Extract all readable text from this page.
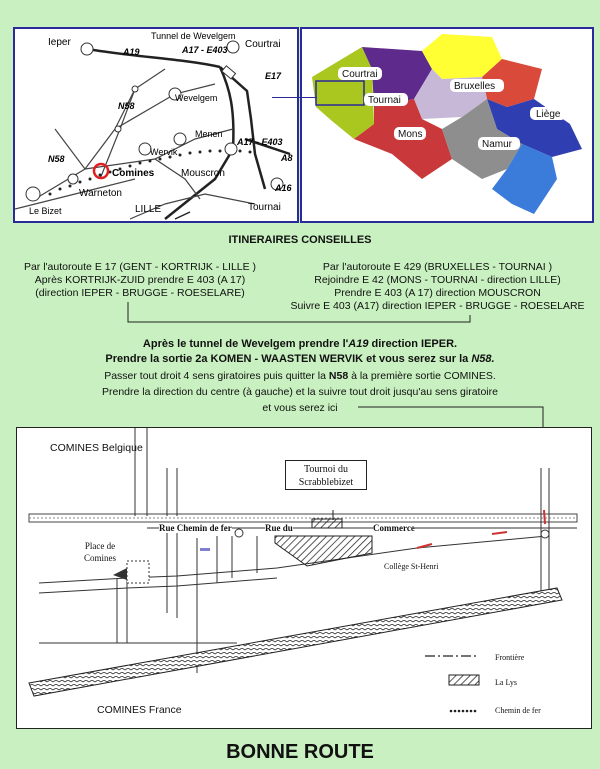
A19	A17 - E403
E17
N58
N58
A17 - E403
A8
A16
Tunnel de Wevelgem
Ieper	Courtrai
Wevelgem
Menen
Wervik
Comines
Warneton
Mouscron
Le Bizet	LILLE	Tournai
Courtrai
Tournai
Bruxelles
Liège
Mons
Namur
ITINERAIRES CONSEILLES
Par l'autoroute E 17 (GENT - KORTRIJK - LILLE )
Après KORTRIJK-ZUID prendre E 403 (A 17)
(direction IEPER - BRUGGE - ROESELARE)
Par l'autoroute E 429 (BRUXELLES - TOURNAI )
Rejoindre E 42 (MONS - TOURNAI - direction LILLE)
Prendre E 403 (A 17) direction MOUSCRON
Suivre E 403 (A17) direction IEPER - BRUGGE - ROESELARE
Après le tunnel de Wevelgem prendre l'A19 direction IEPER.
Prendre la sortie 2a KOMEN - WAASTEN WERVIK et vous serez sur la N58.
Passer tout droit 4 sens giratoires puis quitter la N58 à la première sortie COMINES.
Prendre la direction du centre (à gauche) et la suivre tout droit jusqu'au sens giratoire
et vous serez ici
COMINES Belgique
COMINES France
Tournoi du
Scrabblebizet
Rue Chemin de fer	Rue du	Commerce
Place de
Comines
Collège St-Henri
Frontière
La Lys
Chemin de fer
BONNE ROUTE
